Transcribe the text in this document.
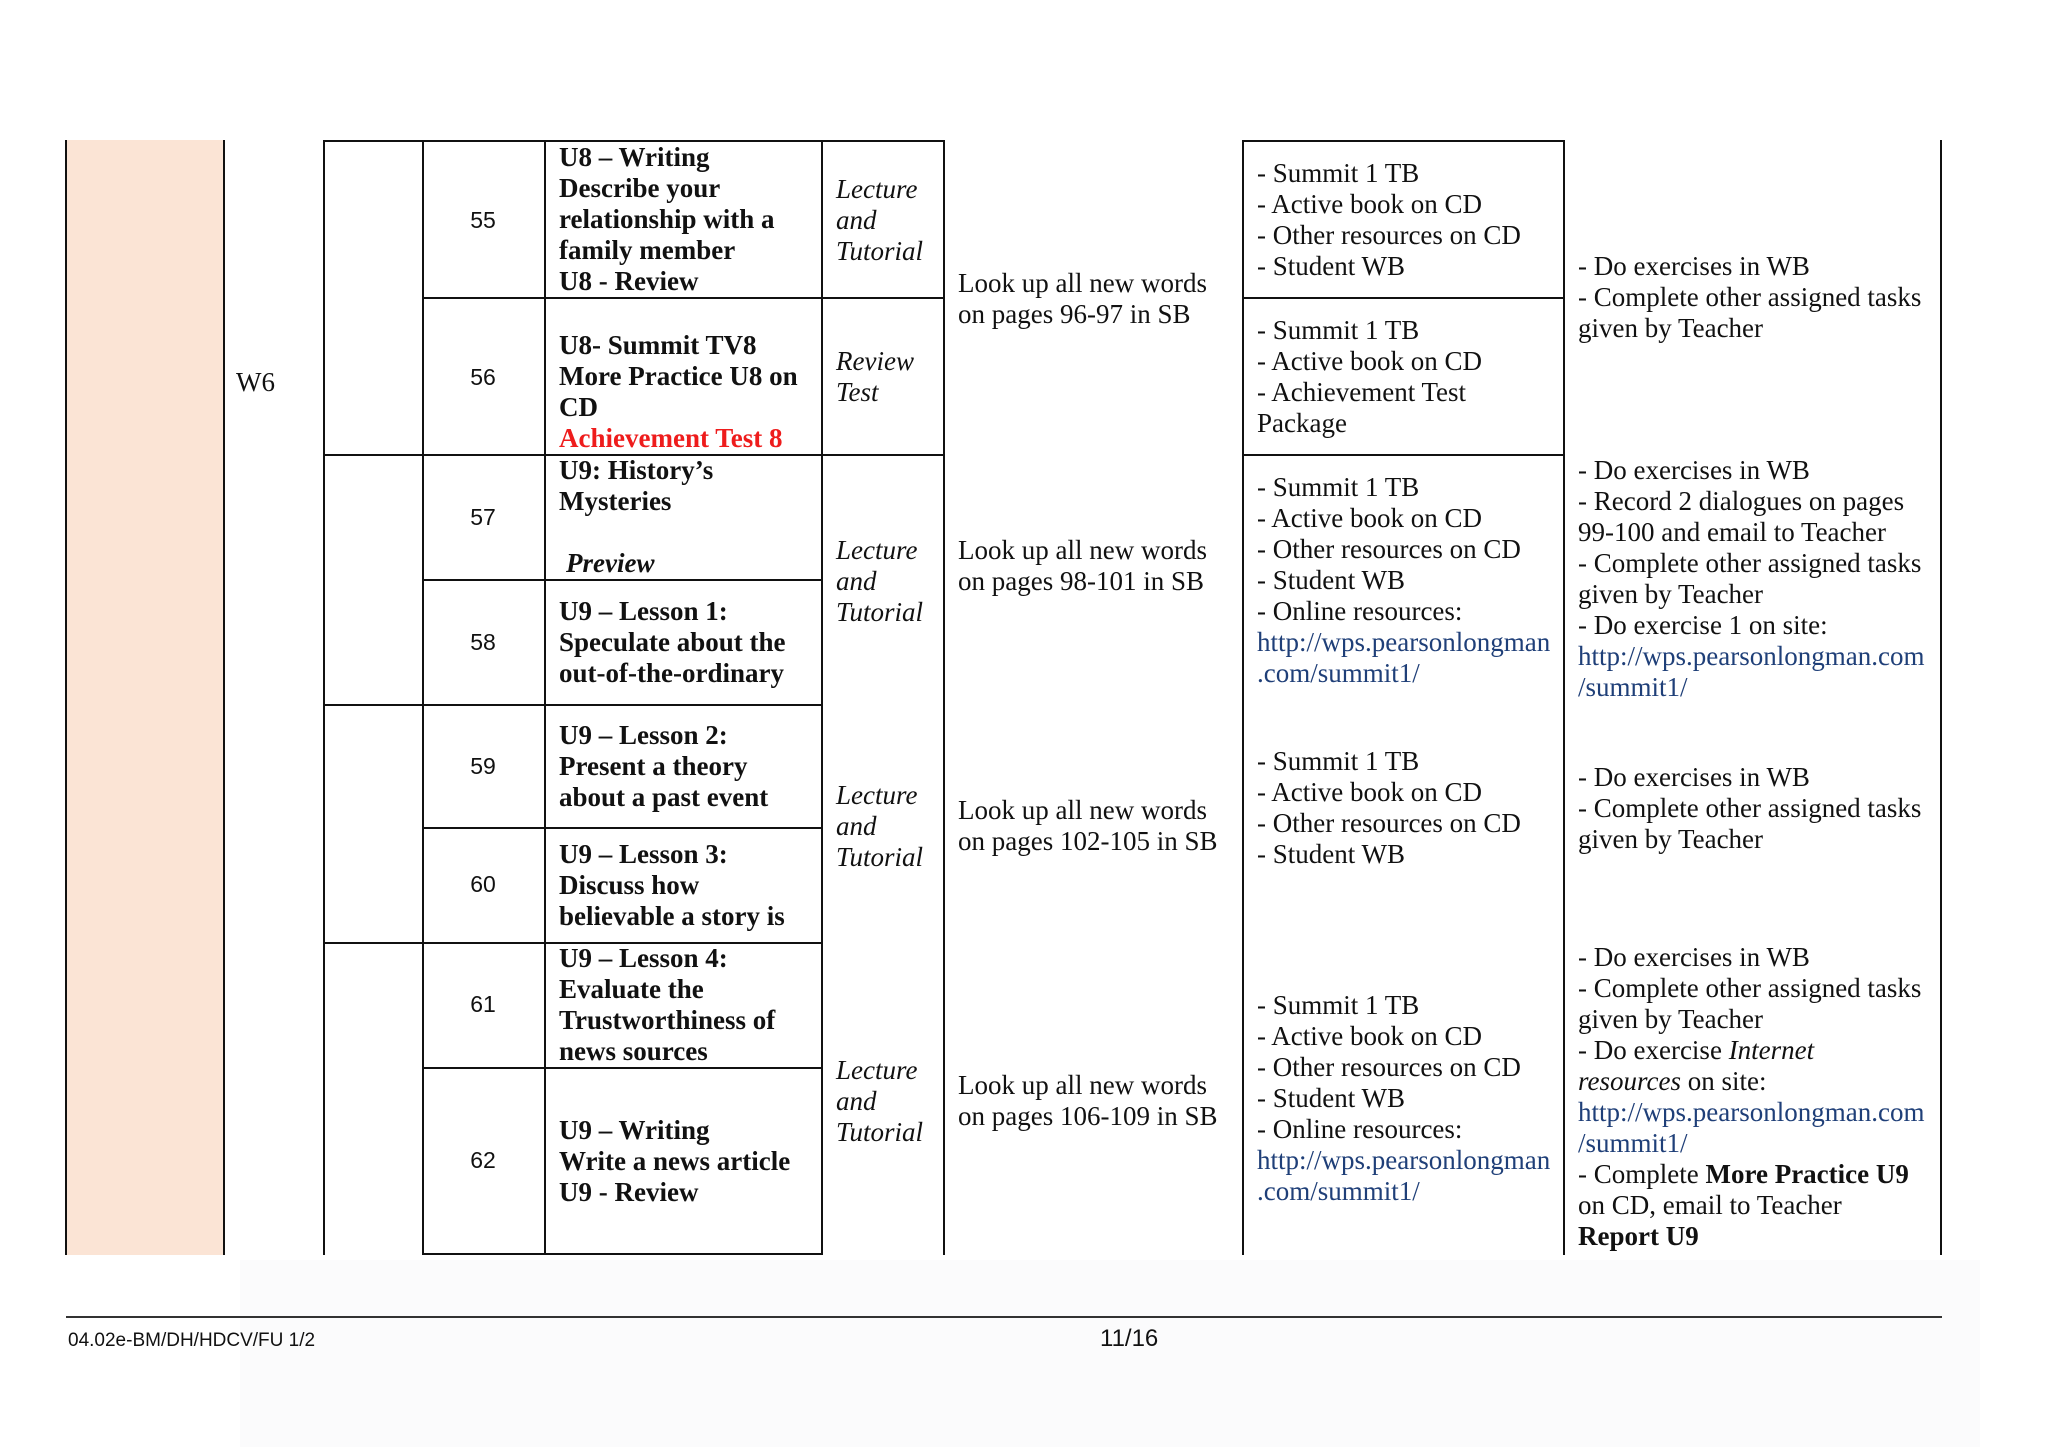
W6
55
56
57
58
59
60
61
62
U8 – Writing
Describe your
relationship with a
family member
U8 - Review
U8- Summit TV8
More Practice U8 on
CD
Achievement Test 8
U9: History’s
Mysteries
Preview
U9 – Lesson 1:
Speculate about the
out-of-the-ordinary
U9 – Lesson 2:
Present a theory
about a past event
U9 – Lesson 3:
Discuss how
believable a story is
U9 – Lesson 4:
Evaluate the
Trustworthiness of
news sources
U9 – Writing
Write a news article
U9 - Review
Lecture
and
Tutorial
Review
Test
Lecture
and
Tutorial
Lecture
and
Tutorial
Lecture
and
Tutorial
Look up all new words
on pages 96-97 in SB
Look up all new words
on pages 98-101 in SB
Look up all new words
on pages 102-105 in SB
Look up all new words
on pages 106-109 in SB
- Summit 1 TB
- Active book on CD
- Other resources on CD
- Student WB
- Summit 1 TB
- Active book on CD
- Achievement Test
Package
- Summit 1 TB
- Active book on CD
- Other resources on CD
- Student WB
- Online resources:
http://wps.pearsonlongman
.com/summit1/
- Summit 1 TB
- Active book on CD
- Other resources on CD
- Student WB
- Summit 1 TB
- Active book on CD
- Other resources on CD
- Student WB
- Online resources:
http://wps.pearsonlongman
.com/summit1/
- Do exercises in WB
- Complete other assigned tasks
given by Teacher
- Do exercises in WB
- Record 2 dialogues on pages
99-100 and email to Teacher
- Complete other assigned tasks
given by Teacher
- Do exercise 1 on site:
http://wps.pearsonlongman.com
/summit1/
- Do exercises in WB
- Complete other assigned tasks
given by Teacher
- Do exercises in WB
- Complete other assigned tasks
given by Teacher
- Do exercise Internet
resources on site:
http://wps.pearsonlongman.com
/summit1/
- Complete More Practice U9
on CD, email to Teacher
Report U9
04.02e-BM/DH/HDCV/FU 1/2	11/16
